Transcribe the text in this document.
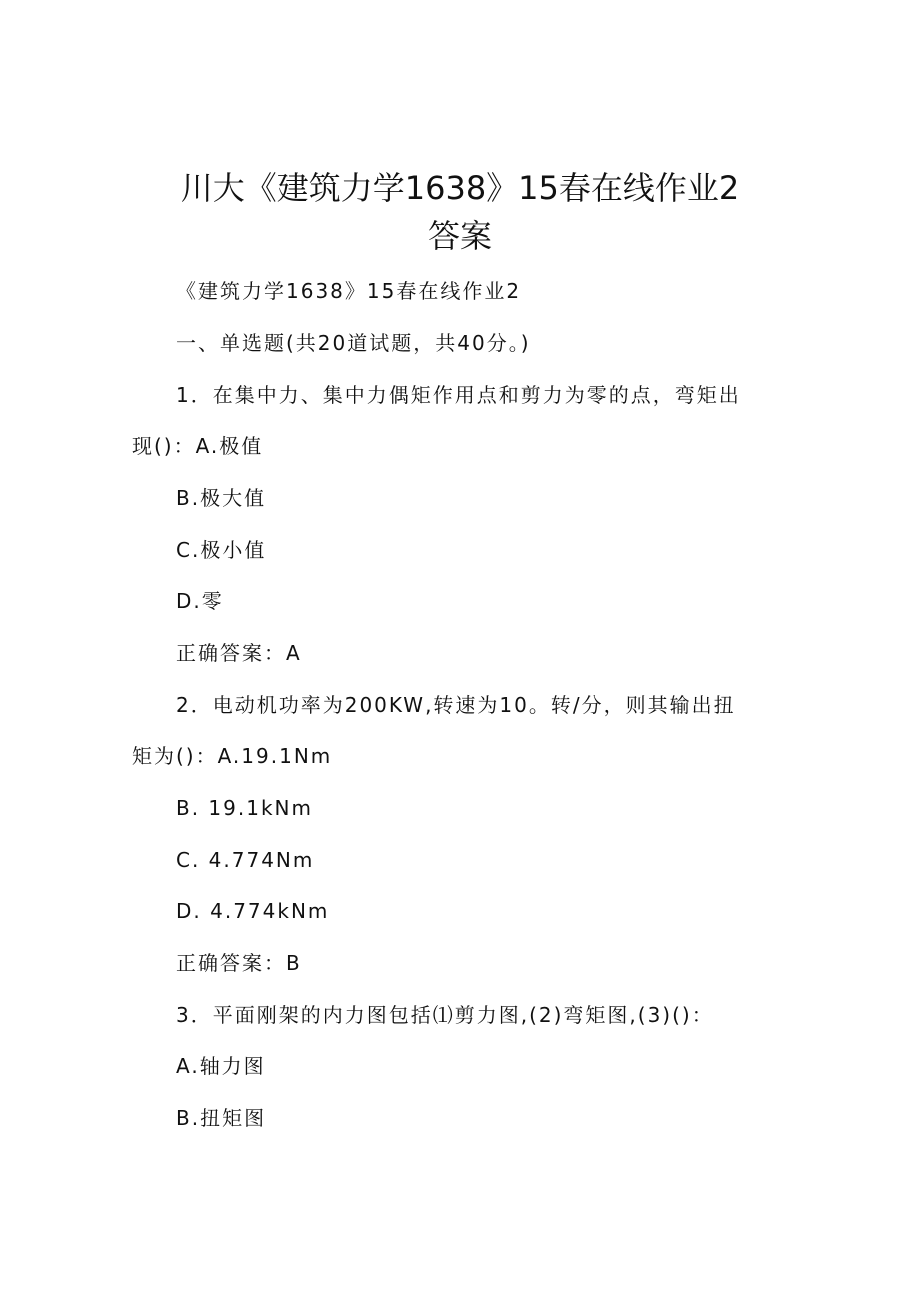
川大《建筑力学1638》15春在线作业2
答案
《建筑力学1638》15春在线作业2
一、单选题(共20道试题，共40分。)
1．在集中力、集中力偶矩作用点和剪力为零的点，弯矩出
现()：A.极值
B.极大值
C.极小值
D.零
正确答案：A
2．电动机功率为200KW,转速为10。转/分，则其输出扭
矩为()：A.19.1Nm
B. 19.1kNm
C. 4.774Nm
D. 4.774kNm
正确答案：B
3．平面刚架的内力图包括⑴剪力图,(2)弯矩图,(3)()：
A.轴力图
B.扭矩图
